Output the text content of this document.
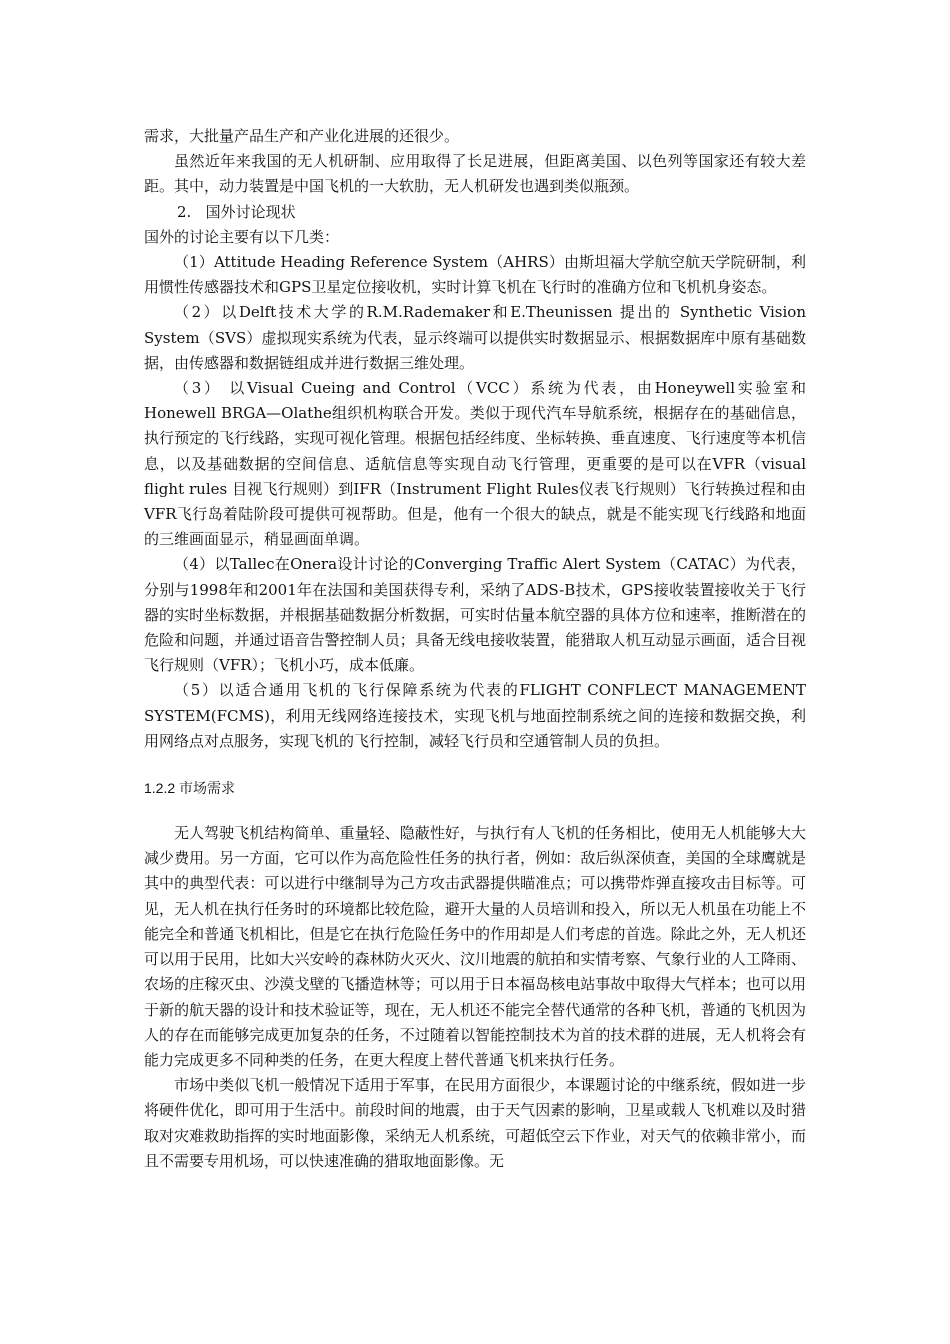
需求，大批量产品生产和产业化进展的还很少。

虽然近年来我国的无人机研制、应用取得了长足进展，但距离美国、以色列等国家还有较大差距。其中，动力装置是中国飞机的一大软肋，无人机研发也遇到类似瓶颈。

2.   国外讨论现状

国外的讨论主要有以下几类：

（1）Attitude Heading Reference System（AHRS）由斯坦福大学航空航天学院研制，利用惯性传感器技术和GPS卫星定位接收机，实时计算飞机在飞行时的准确方位和飞机机身姿态。

（2）以Delft技术大学的R.M.Rademaker和E.Theunissen 提出的 Synthetic Vision System（SVS）虚拟现实系统为代表，显示终端可以提供实时数据显示、根据数据库中原有基础数据，由传感器和数据链组成并进行数据三维处理。

（3） 以Visual Cueing and Control（VCC）系统为代表，由Honeywell实验室和Honewell BRGA—Olathe组织机构联合开发。类似于现代汽车导航系统，根据存在的基础信息，执行预定的飞行线路，实现可视化管理。根据包括经纬度、坐标转换、垂直速度、飞行速度等本机信息，以及基础数据的空间信息、适航信息等实现自动飞行管理，更重要的是可以在VFR（visual flight rules 目视飞行规则）到IFR（Instrument Flight Rules仪表飞行规则）飞行转换过程和由VFR飞行岛着陆阶段可提供可视帮助。但是，他有一个很大的缺点，就是不能实现飞行线路和地面的三维画面显示，稍显画面单调。

（4）以Tallec在Onera设计讨论的Converging Traffic Alert System（CATAC）为代表，分别与1998年和2001年在法国和美国获得专利，采纳了ADS-B技术，GPS接收装置接收关于飞行器的实时坐标数据，并根据基础数据分析数据，可实时估量本航空器的具体方位和速率，推断潜在的危险和问题，并通过语音告警控制人员；具备无线电接收装置，能猎取人机互动显示画面，适合目视飞行规则（VFR）；飞机小巧，成本低廉。

（5）以适合通用飞机的飞行保障系统为代表的FLIGHT CONFLECT MANAGEMENT SYSTEM(FCMS)，利用无线网络连接技术，实现飞机与地面控制系统之间的连接和数据交换，利用网络点对点服务，实现飞机的飞行控制，减轻飞行员和空通管制人员的负担。

1.2.2 市场需求

无人驾驶飞机结构简单、重量轻、隐蔽性好，与执行有人飞机的任务相比，使用无人机能够大大减少费用。另一方面，它可以作为高危险性任务的执行者，例如：敌后纵深侦查，美国的全球鹰就是其中的典型代表：可以进行中继制导为己方攻击武器提供瞄准点；可以携带炸弹直接攻击目标等。可见，无人机在执行任务时的环境都比较危险，避开大量的人员培训和投入，所以无人机虽在功能上不能完全和普通飞机相比，但是它在执行危险任务中的作用却是人们考虑的首选。除此之外，无人机还可以用于民用，比如大兴安岭的森林防火灭火、汶川地震的航拍和实情考察、气象行业的人工降雨、农场的庄稼灭虫、沙漠戈壁的飞播造林等；可以用于日本福岛核电站事故中取得大气样本；也可以用于新的航天器的设计和技术验证等，现在，无人机还不能完全替代通常的各种飞机，普通的飞机因为人的存在而能够完成更加复杂的任务，不过随着以智能控制技术为首的技术群的进展，无人机将会有能力完成更多不同种类的任务，在更大程度上替代普通飞机来执行任务。

市场中类似飞机一般情况下适用于军事，在民用方面很少，本课题讨论的中继系统，假如进一步将硬件优化，即可用于生活中。前段时间的地震，由于天气因素的影响，卫星或载人飞机难以及时猎取对灾难救助指挥的实时地面影像，采纳无人机系统，可超低空云下作业，对天气的依赖非常小，而且不需要专用机场，可以快速准确的猎取地面影像。无
